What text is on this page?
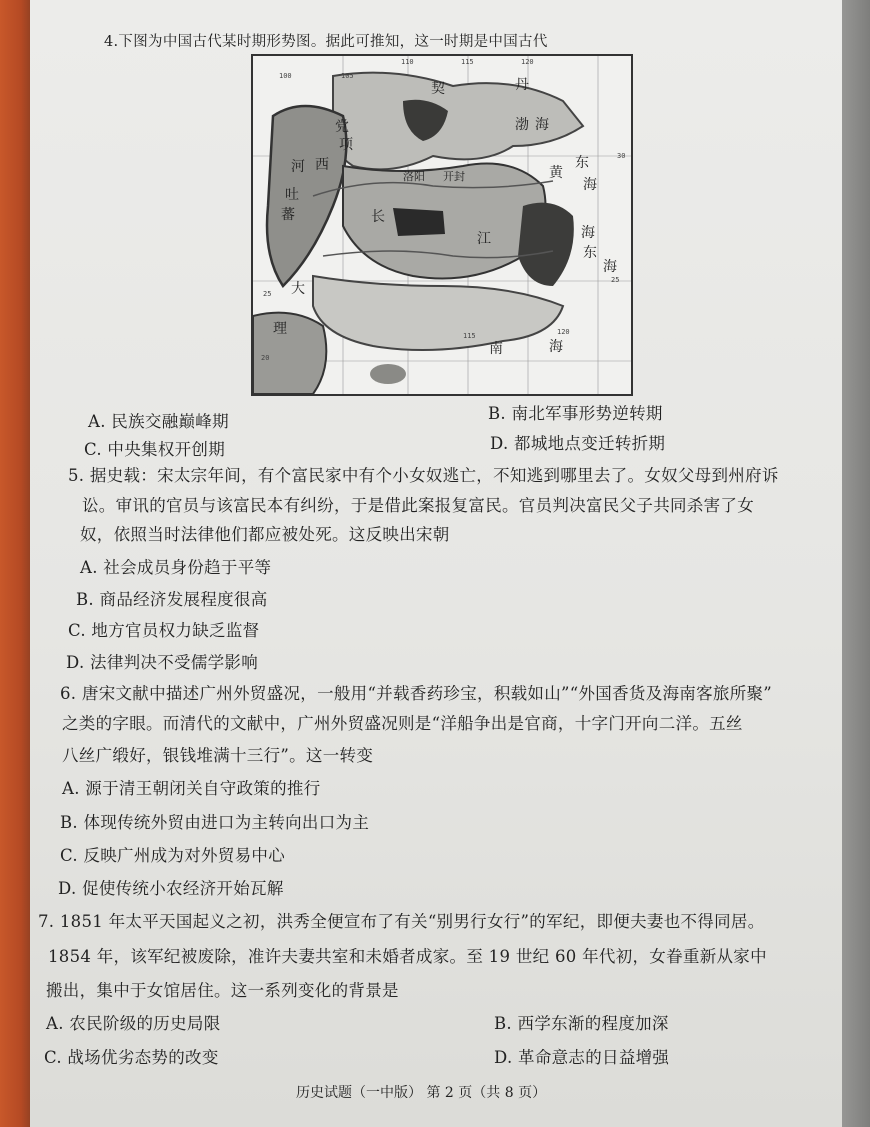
4.下图为中国古代某时期形势图。据此可推知，这一时期是中国古代
契	丹
党
项
河 西
吐
蕃
大
理
黄
海
东
海
东
海
南	海
洛阳 开封
长
江
渤 海
100	105
110	115	120
30
25
20
115	120
25
A. 民族交融巅峰期	B. 南北军事形势逆转期
C. 中央集权开创期	D. 都城地点变迁转折期
5. 据史载：宋太宗年间，有个富民家中有个小女奴逃亡，不知逃到哪里去了。女奴父母到州府诉
讼。审讯的官员与该富民本有纠纷，于是借此案报复富民。官员判决富民父子共同杀害了女
奴，依照当时法律他们都应被处死。这反映出宋朝
A. 社会成员身份趋于平等
B. 商品经济发展程度很高
C. 地方官员权力缺乏监督
D. 法律判决不受儒学影响
6. 唐宋文献中描述广州外贸盛况，一般用“并载香药珍宝，积载如山”“外国香货及海南客旅所聚”
之类的字眼。而清代的文献中，广州外贸盛况则是“洋船争出是官商，十字门开向二洋。五丝
八丝广缎好，银钱堆满十三行”。这一转变
A. 源于清王朝闭关自守政策的推行
B. 体现传统外贸由进口为主转向出口为主
C. 反映广州成为对外贸易中心
D. 促使传统小农经济开始瓦解
7. 1851 年太平天国起义之初，洪秀全便宣布了有关“别男行女行”的军纪，即便夫妻也不得同居。
1854 年，该军纪被废除，准许夫妻共室和未婚者成家。至 19 世纪 60 年代初，女眷重新从家中
搬出，集中于女馆居住。这一系列变化的背景是
A. 农民阶级的历史局限	B. 西学东渐的程度加深
C. 战场优劣态势的改变	D. 革命意志的日益增强
历史试题（一中版） 第 2 页（共 8 页）
